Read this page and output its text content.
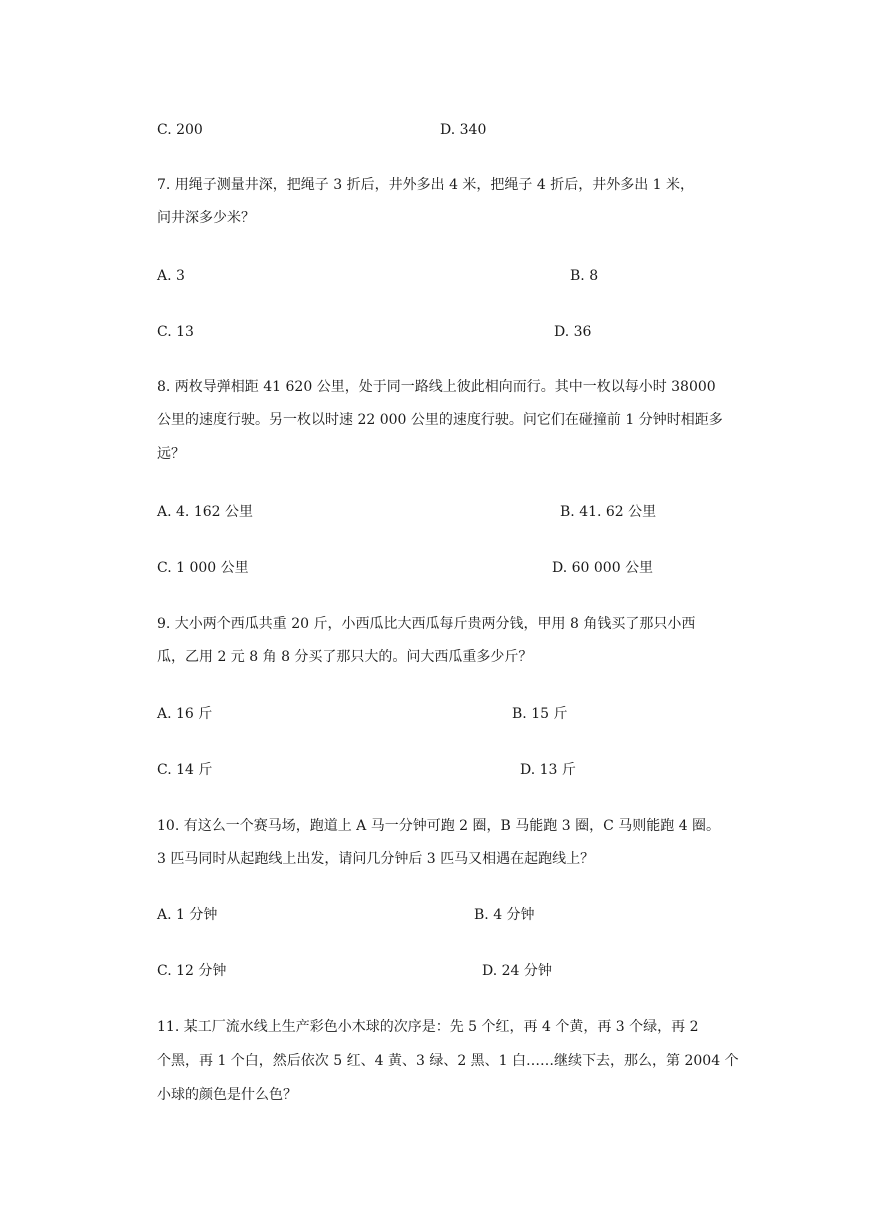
C. 200	D. 340
7. 用绳子测量井深，把绳子 3 折后，井外多出 4 米，把绳子 4 折后，井外多出 1 米，
问井深多少米？
A. 3	B. 8
C. 13	D. 36
8. 两枚导弹相距 41 620 公里，处于同一路线上彼此相向而行。其中一枚以每小时 38000
公里的速度行驶。另一枚以时速 22 000 公里的速度行驶。问它们在碰撞前 1 分钟时相距多
远？
A. 4. 162 公里	B. 41. 62 公里
C. 1 000 公里	D. 60 000 公里
9. 大小两个西瓜共重 20 斤，小西瓜比大西瓜每斤贵两分钱，甲用 8 角钱买了那只小西
瓜，乙用 2 元 8 角 8 分买了那只大的。问大西瓜重多少斤？
A. 16 斤	B. 15 斤
C. 14 斤	D. 13 斤
10. 有这么一个赛马场，跑道上 A 马一分钟可跑 2 圈，B 马能跑 3 圈，C 马则能跑 4 圈。
3 匹马同时从起跑线上出发，请问几分钟后 3 匹马又相遇在起跑线上？
A. 1 分钟	B. 4 分钟
C. 12 分钟	D. 24 分钟
11. 某工厂流水线上生产彩色小木球的次序是：先 5 个红，再 4 个黄，再 3 个绿，再 2
个黑，再 1 个白，然后依次 5 红、4 黄、3 绿、2 黑、1 白……继续下去，那么，第 2004 个
小球的颜色是什么色？
